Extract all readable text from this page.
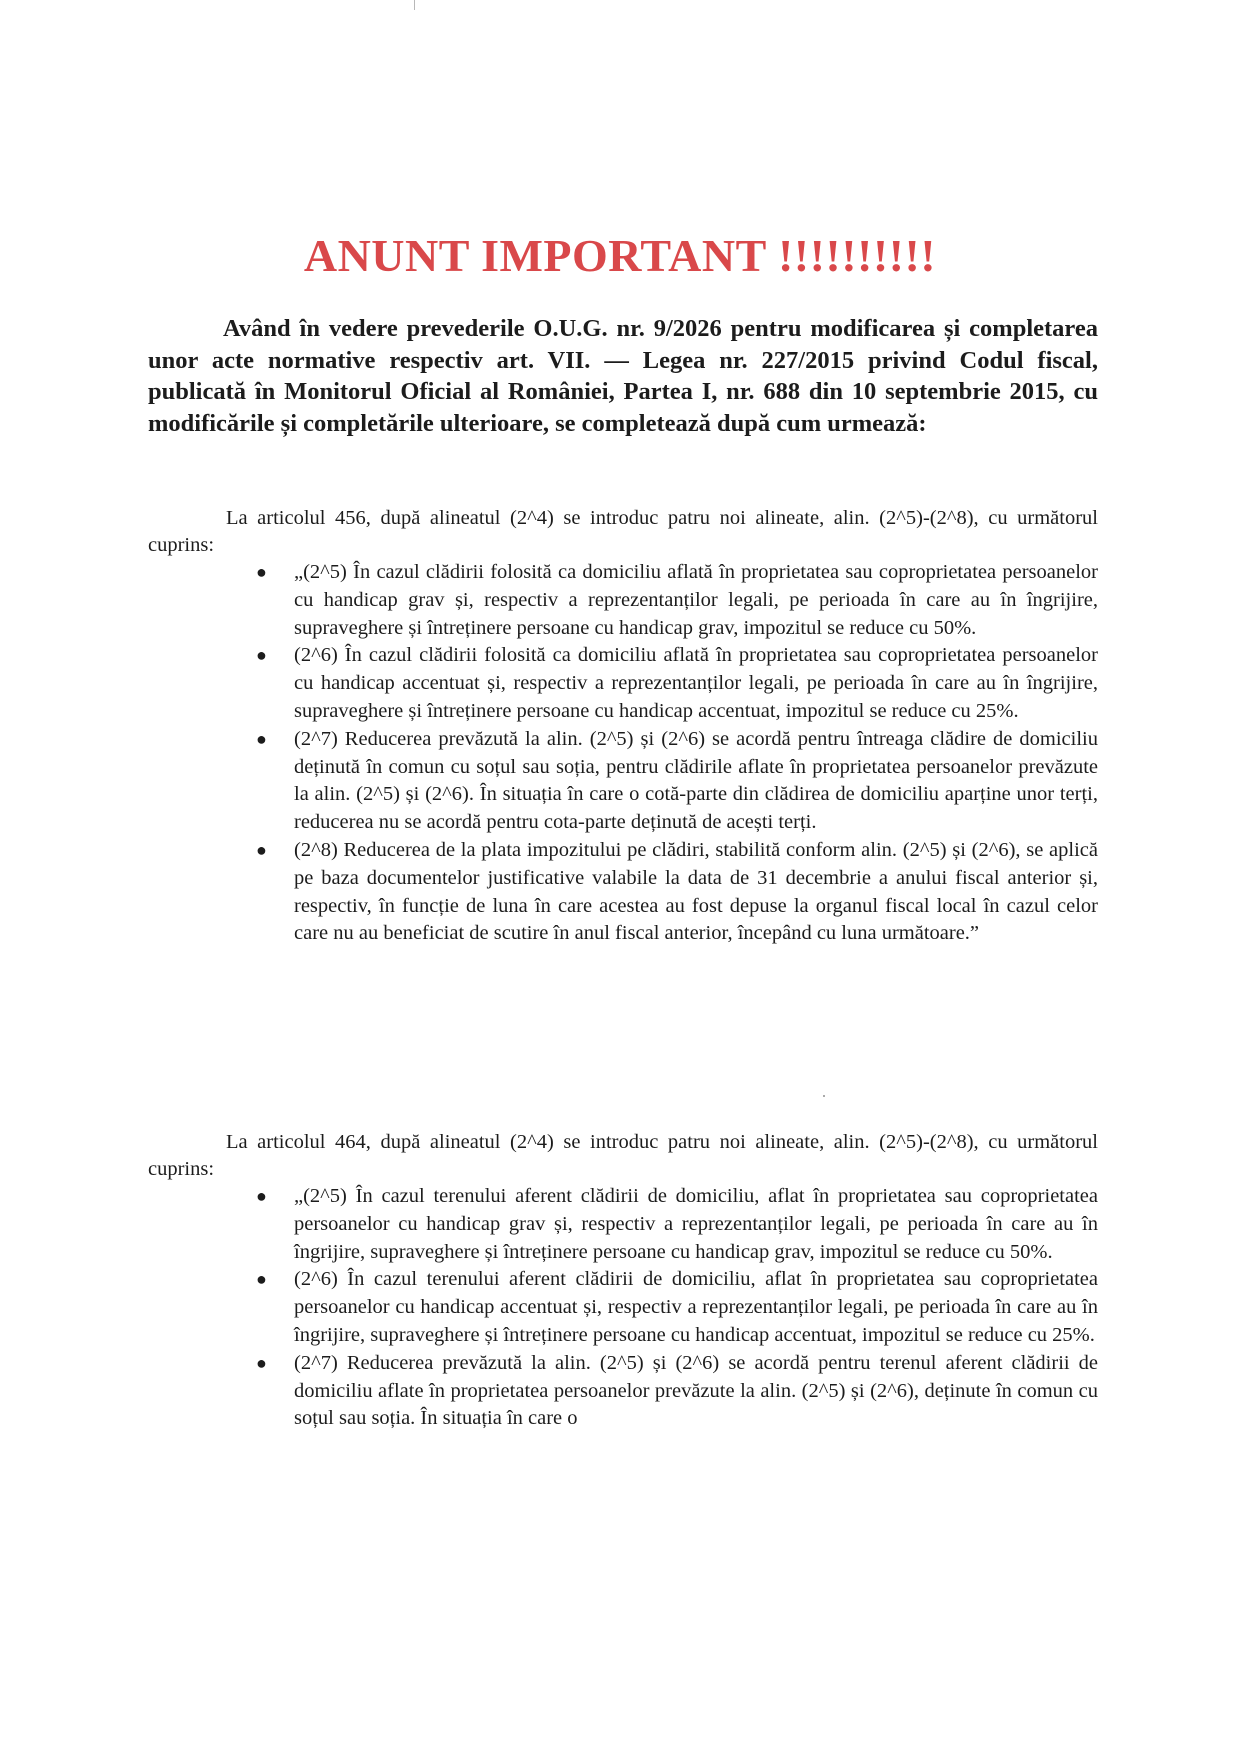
ANUNT IMPORTANT !!!!!!!!!!

Având în vedere prevederile O.U.G. nr. 9/2026 pentru modificarea și completarea unor acte normative respectiv art. VII. — Legea nr. 227/2015 privind Codul fiscal, publicată în Monitorul Oficial al României, Partea I, nr. 688 din 10 septembrie 2015, cu modificările și completările ulterioare, se completează după cum urmează:

La articolul 456, după alineatul (2^4) se introduc patru noi alineate, alin. (2^5)-(2^8), cu următorul cuprins:

●	„(2^5) În cazul clădirii folosită ca domiciliu aflată în proprietatea sau coproprietatea persoanelor cu handicap grav și, respectiv a reprezentanților legali, pe perioada în care au în îngrijire, supraveghere și întreținere persoane cu handicap grav, impozitul se reduce cu 50%.
●	(2^6) În cazul clădirii folosită ca domiciliu aflată în proprietatea sau coproprietatea persoanelor cu handicap accentuat și, respectiv a reprezentanților legali, pe perioada în care au în îngrijire, supraveghere și întreținere persoane cu handicap accentuat, impozitul se reduce cu 25%.
●	(2^7) Reducerea prevăzută la alin. (2^5) și (2^6) se acordă pentru întreaga clădire de domiciliu deținută în comun cu soțul sau soția, pentru clădirile aflate în proprietatea persoanelor prevăzute la alin. (2^5) și (2^6). În situația în care o cotă-parte din clădirea de domiciliu aparține unor terți, reducerea nu se acordă pentru cota-parte deținută de acești terți.
●	(2^8) Reducerea de la plata impozitului pe clădiri, stabilită conform alin. (2^5) și (2^6), se aplică pe baza documentelor justificative valabile la data de 31 decembrie a anului fiscal anterior și, respectiv, în funcție de luna în care acestea au fost depuse la organul fiscal local în cazul celor care nu au beneficiat de scutire în anul fiscal anterior, începând cu luna următoare.”

La articolul 464, după alineatul (2^4) se introduc patru noi alineate, alin. (2^5)-(2^8), cu următorul cuprins:

●	„(2^5) În cazul terenului aferent clădirii de domiciliu, aflat în proprietatea sau coproprietatea persoanelor cu handicap grav și, respectiv a reprezentanților legali, pe perioada în care au în îngrijire, supraveghere și întreținere persoane cu handicap grav, impozitul se reduce cu 50%.
●	(2^6) În cazul terenului aferent clădirii de domiciliu, aflat în proprietatea sau coproprietatea persoanelor cu handicap accentuat și, respectiv a reprezentanților legali, pe perioada în care au în îngrijire, supraveghere și întreținere persoane cu handicap accentuat, impozitul se reduce cu 25%.
●	(2^7) Reducerea prevăzută la alin. (2^5) și (2^6) se acordă pentru terenul aferent clădirii de domiciliu aflate în proprietatea persoanelor prevăzute la alin. (2^5) și (2^6), deținute în comun cu soțul sau soția. În situația în care o
